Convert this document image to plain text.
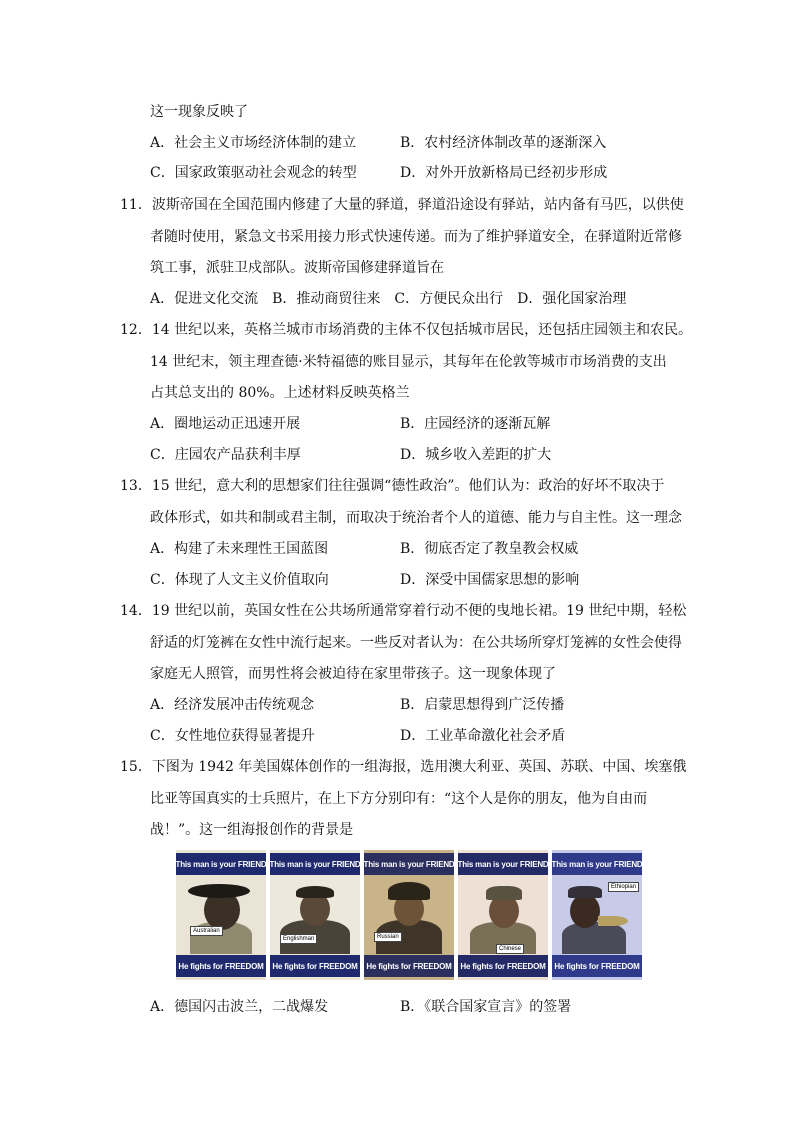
这一现象反映了
A．社会主义市场经济体制的建立	B．农村经济体制改革的逐渐深入
C．国家政策驱动社会观念的转型	D．对外开放新格局已经初步形成
11．波斯帝国在全国范围内修建了大量的驿道，驿道沿途设有驿站，站内备有马匹，以供使
者随时使用，紧急文书采用接力形式快速传递。而为了维护驿道安全，在驿道附近常修
筑工事，派驻卫戍部队。波斯帝国修建驿道旨在
A．促进文化交流　B．推动商贸往来　C．方便民众出行　D．强化国家治理
12．14 世纪以来，英格兰城市市场消费的主体不仅包括城市居民，还包括庄园领主和农民。
14 世纪末，领主理查德·米特福德的账目显示，其每年在伦敦等城市市场消费的支出
占其总支出的 80%。上述材料反映英格兰
A．圈地运动正迅速开展	B．庄园经济的逐渐瓦解
C．庄园农产品获利丰厚	D．城乡收入差距的扩大
13．15 世纪，意大利的思想家们往往强调“德性政治”。他们认为：政治的好坏不取决于
政体形式，如共和制或君主制，而取决于统治者个人的道德、能力与自主性。这一理念
A．构建了未来理性王国蓝图	B．彻底否定了教皇教会权威
C．体现了人文主义价值取向	D．深受中国儒家思想的影响
14．19 世纪以前，英国女性在公共场所通常穿着行动不便的曳地长裙。19 世纪中期，轻松
舒适的灯笼裤在女性中流行起来。一些反对者认为：在公共场所穿灯笼裤的女性会使得
家庭无人照管，而男性将会被迫待在家里带孩子。这一现象体现了
A．经济发展冲击传统观念	B．启蒙思想得到广泛传播
C．女性地位获得显著提升	D．工业革命激化社会矛盾
15．下图为 1942 年美国媒体创作的一组海报，选用澳大利亚、英国、苏联、中国、埃塞俄
比亚等国真实的士兵照片，在上下方分别印有：“这个人是你的朋友，他为自由而
战！”。这一组海报创作的背景是
This man is your FRIEND
Australian
He fights for FREEDOM
This man is your FRIEND
Englishman
He fights for FREEDOM
This man is your FRIEND
Russian
He fights for FREEDOM
This man is your FRIEND
Chinese
He fights for FREEDOM
This man is your FRIEND
Ethiopian
He fights for FREEDOM
A．德国闪击波兰，二战爆发	B．《联合国家宣言》的签署
